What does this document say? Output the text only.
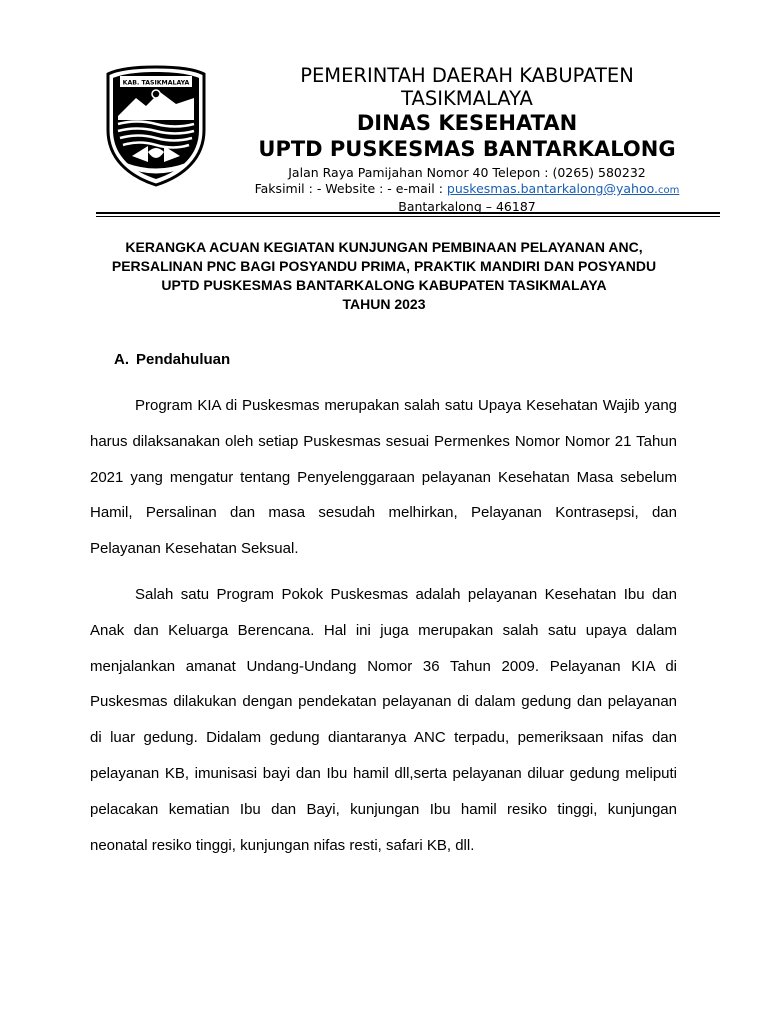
KAB. TASIKMALAYA	PEMERINTAH DAERAH KABUPATEN
TASIKMALAYA
DINAS KESEHATAN
UPTD PUSKESMAS BANTARKALONG
Jalan Raya Pamijahan Nomor 40 Telepon : (0265) 580232
Faksimil : - Website : - e-mail : puskesmas.bantarkalong@yahoo.com
Bantarkalong – 46187
KERANGKA ACUAN KEGIATAN KUNJUNGAN PEMBINAAN PELAYANAN ANC,
PERSALINAN PNC BAGI POSYANDU PRIMA, PRAKTIK MANDIRI DAN POSYANDU
UPTD PUSKESMAS BANTARKALONG KABUPATEN TASIKMALAYA
TAHUN 2023
A. Pendahuluan
Program KIA di Puskesmas merupakan salah satu Upaya Kesehatan Wajib yang harus dilaksanakan oleh setiap Puskesmas sesuai Permenkes Nomor Nomor 21 Tahun 2021 yang mengatur tentang Penyelenggaraan pelayanan Kesehatan Masa sebelum Hamil, Persalinan dan masa sesudah melhirkan, Pelayanan Kontrasepsi, dan Pelayanan Kesehatan Seksual.
Salah satu Program Pokok Puskesmas adalah pelayanan Kesehatan Ibu dan Anak dan Keluarga Berencana. Hal ini juga merupakan salah satu upaya dalam menjalankan amanat Undang-Undang Nomor 36 Tahun 2009. Pelayanan KIA di Puskesmas dilakukan dengan pendekatan pelayanan di dalam gedung dan pelayanan di luar gedung. Didalam gedung diantaranya ANC terpadu, pemeriksaan nifas dan pelayanan KB, imunisasi bayi dan Ibu hamil dll,serta pelayanan diluar gedung meliputi pelacakan kematian Ibu dan Bayi, kunjungan Ibu hamil resiko tinggi, kunjungan neonatal resiko tinggi, kunjungan nifas resti, safari KB, dll.
